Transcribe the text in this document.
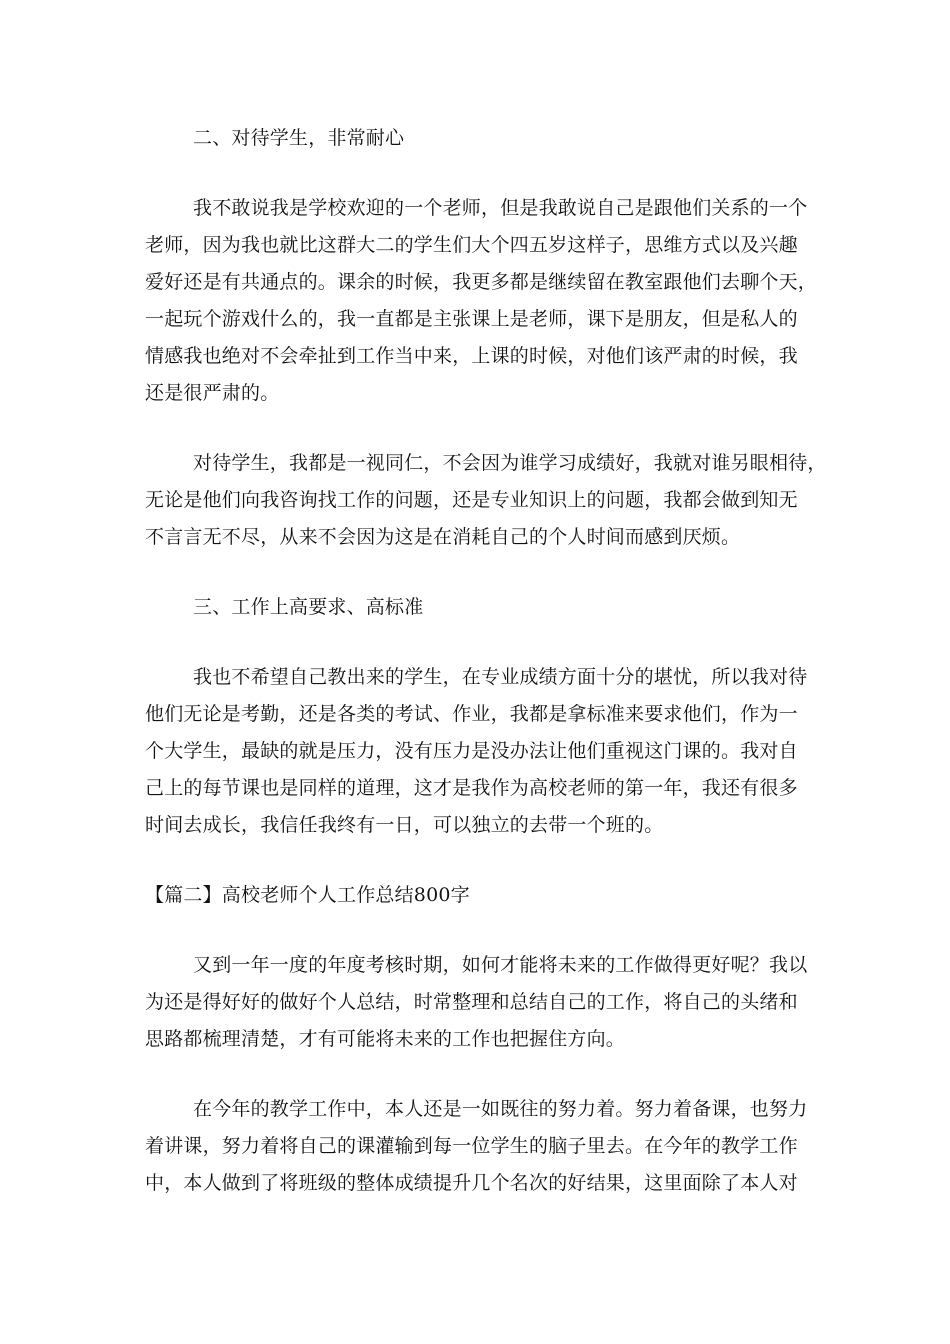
二、对待学生，非常耐心
我不敢说我是学校欢迎的一个老师，但是我敢说自己是跟他们关系的一个
老师，因为我也就比这群大二的学生们大个四五岁这样子，思维方式以及兴趣
爱好还是有共通点的。课余的时候，我更多都是继续留在教室跟他们去聊个天，
一起玩个游戏什么的，我一直都是主张课上是老师，课下是朋友，但是私人的
情感我也绝对不会牵扯到工作当中来，上课的时候，对他们该严肃的时候，我
还是很严肃的。
对待学生，我都是一视同仁，不会因为谁学习成绩好，我就对谁另眼相待，
无论是他们向我咨询找工作的问题，还是专业知识上的问题，我都会做到知无
不言言无不尽，从来不会因为这是在消耗自己的个人时间而感到厌烦。
三、工作上高要求、高标准
我也不希望自己教出来的学生，在专业成绩方面十分的堪忧，所以我对待
他们无论是考勤，还是各类的考试、作业，我都是拿标准来要求他们，作为一
个大学生，最缺的就是压力，没有压力是没办法让他们重视这门课的。我对自
己上的每节课也是同样的道理，这才是我作为高校老师的第一年，我还有很多
时间去成长，我信任我终有一日，可以独立的去带一个班的。
【篇二】高校老师个人工作总结800字
又到一年一度的年度考核时期，如何才能将未来的工作做得更好呢？我以
为还是得好好的做好个人总结，时常整理和总结自己的工作，将自己的头绪和
思路都梳理清楚，才有可能将未来的工作也把握住方向。
在今年的教学工作中，本人还是一如既往的努力着。努力着备课，也努力
着讲课，努力着将自己的课灌输到每一位学生的脑子里去。在今年的教学工作
中，本人做到了将班级的整体成绩提升几个名次的好结果，这里面除了本人对
